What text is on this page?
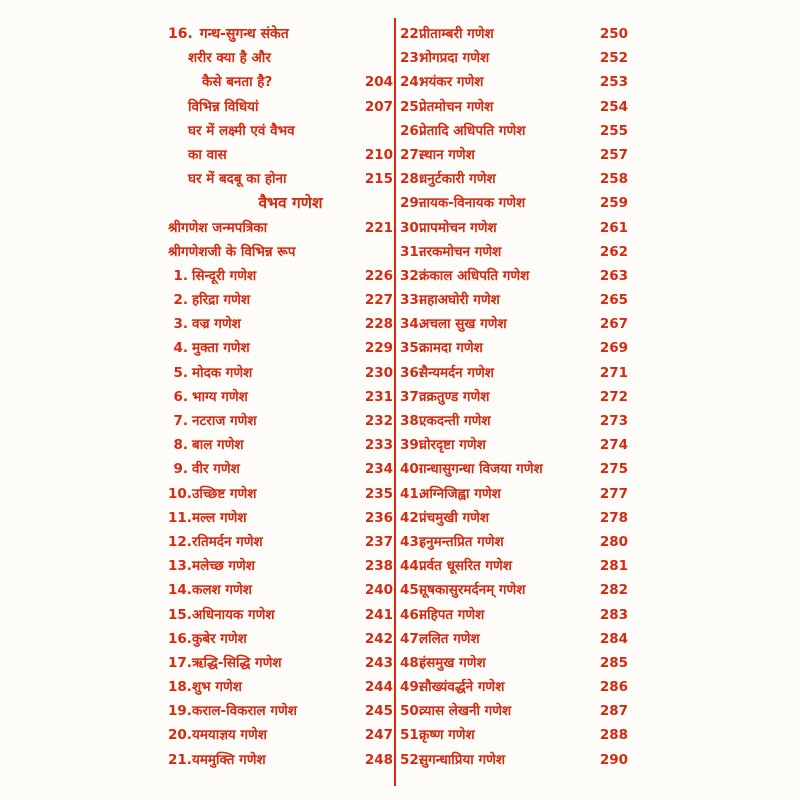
16. गन्ध-सुगन्ध संकेत
शरीर क्या है और
कैसे बनता है?	204
विभिन्न विधियां	207
घर में लक्ष्मी एवं वैभव
का वास	210
घर में बदबू का होना	215
वैभव गणेश
श्रीगणेश जन्मपत्रिका	221
श्रीगणेशजी के विभिन्न रूप
1. सिन्दूरी गणेश	226
2. हरिद्रा गणेश	227
3. वज्र गणेश	228
4. मुक्ता गणेश	229
5. मोदक गणेश	230
6. भाग्य गणेश	231
7. नटराज गणेश	232
8. बाल गणेश	233
9. वीर गणेश	234
10.उच्छिष्ट गणेश	235
11.मल्ल गणेश	236
12.रतिमर्दन गणेश	237
13.मलेच्छ गणेश	238
14.कलश गणेश	240
15.अधिनायक गणेश	241
16.कुबेर गणेश	242
17.ऋद्धि-सिद्धि गणेश	243
18.शुभ गणेश	244
19.कराल-विकराल गणेश	245
20.यमयाज्ञय गणेश	247
21.यममुक्ति गणेश	248
22.पीताम्बरी गणेश	250
23.भोगप्रदा गणेश	252
24.भयंकर गणेश	253
25.प्रेतमोचन गणेश	254
26.प्रेतादि अधिपति गणेश	255
27.स्थान गणेश	257
28.धनुर्टकारी गणेश	258
29.नायक-विनायक गणेश	259
30.पापमोचन गणेश	261
31.नरकमोचन गणेश	262
32.कंकाल अधिपति गणेश	263
33.महाअघोरी गणेश	265
34.अचला सुख गणेश	267
35.कामदा गणेश	269
36.सैन्यमर्दन गणेश	271
37.वक्रतुण्ड गणेश	272
38.एकदन्ती गणेश	273
39.घोरदृष्टा गणेश	274
40.गन्धासुगन्धा विजया गणेश	275
41.अग्निजिह्वा गणेश	277
42.पंचमुखी गणेश	278
43.हनुमन्तप्रित गणेश	280
44.पर्वत धूसरित गणेश	281
45.मूषकासुरमर्दनम् गणेश	282
46.महिपत गणेश	283
47.ललित गणेश	284
48.हंसमुख गणेश	285
49.सौख्यंवर्द्धने गणेश	286
50.व्यास लेखनी गणेश	287
51.कृष्ण गणेश	288
52.सुगन्धाप्रिया गणेश	290
